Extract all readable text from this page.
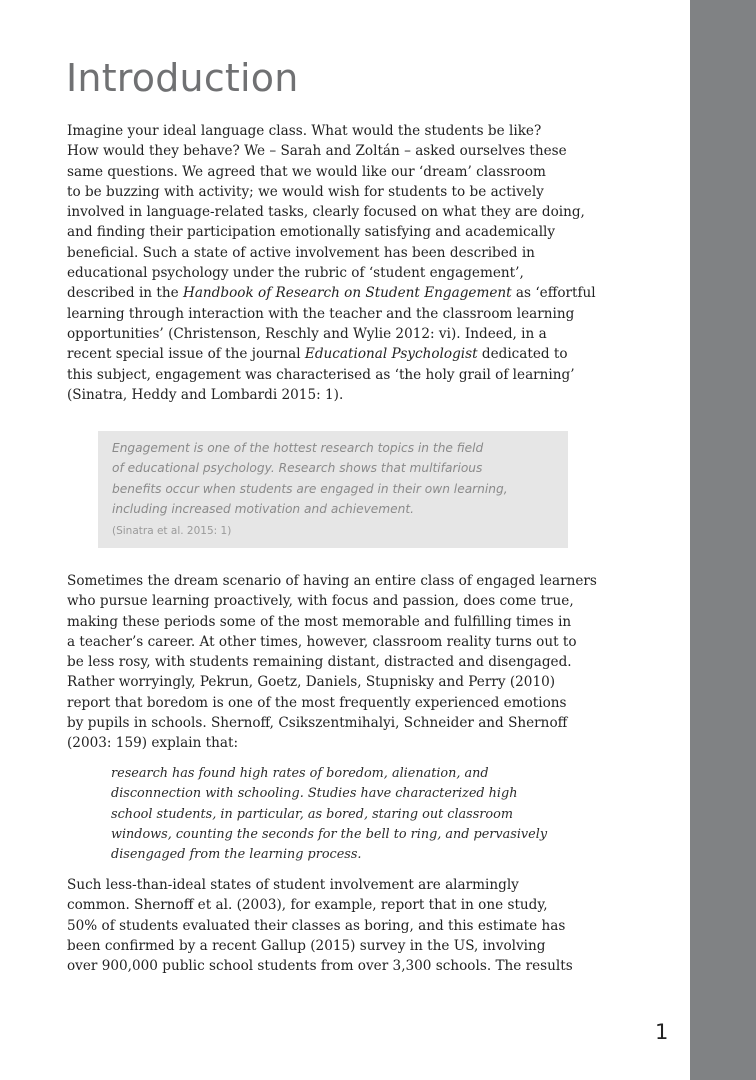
Introduction

Imagine your ideal language class. What would the students be like?
How would they behave? We – Sarah and Zoltán – asked ourselves these
same questions. We agreed that we would like our ‘dream’ classroom
to be buzzing with activity; we would wish for students to be actively
involved in language-related tasks, clearly focused on what they are doing,
and finding their participation emotionally satisfying and academically
beneficial. Such a state of active involvement has been described in
educational psychology under the rubric of ‘student engagement’,
described in the Handbook of Research on Student Engagement as ‘effortful
learning through interaction with the teacher and the classroom learning
opportunities’ (Christenson, Reschly and Wylie 2012: vi). Indeed, in a
recent special issue of the journal Educational Psychologist dedicated to
this subject, engagement was characterised as ‘the holy grail of learning’
(Sinatra, Heddy and Lombardi 2015: 1).

Engagement is one of the hottest research topics in the field
of educational psychology. Research shows that multifarious
benefits occur when students are engaged in their own learning,
including increased motivation and achievement.

(Sinatra et al. 2015: 1)

Sometimes the dream scenario of having an entire class of engaged learners
who pursue learning proactively, with focus and passion, does come true,
making these periods some of the most memorable and fulfilling times in
a teacher’s career. At other times, however, classroom reality turns out to
be less rosy, with students remaining distant, distracted and disengaged.
Rather worryingly, Pekrun, Goetz, Daniels, Stupnisky and Perry (2010)
report that boredom is one of the most frequently experienced emotions
by pupils in schools. Shernoff, Csikszentmihalyi, Schneider and Shernoff
(2003: 159) explain that:

research has found high rates of boredom, alienation, and
disconnection with schooling. Studies have characterized high
school students, in particular, as bored, staring out classroom
windows, counting the seconds for the bell to ring, and pervasively
disengaged from the learning process.

Such less-than-ideal states of student involvement are alarmingly
common. Shernoff et al. (2003), for example, report that in one study,
50% of students evaluated their classes as boring, and this estimate has
been confirmed by a recent Gallup (2015) survey in the US, involving
over 900,000 public school students from over 3,300 schools. The results

1
